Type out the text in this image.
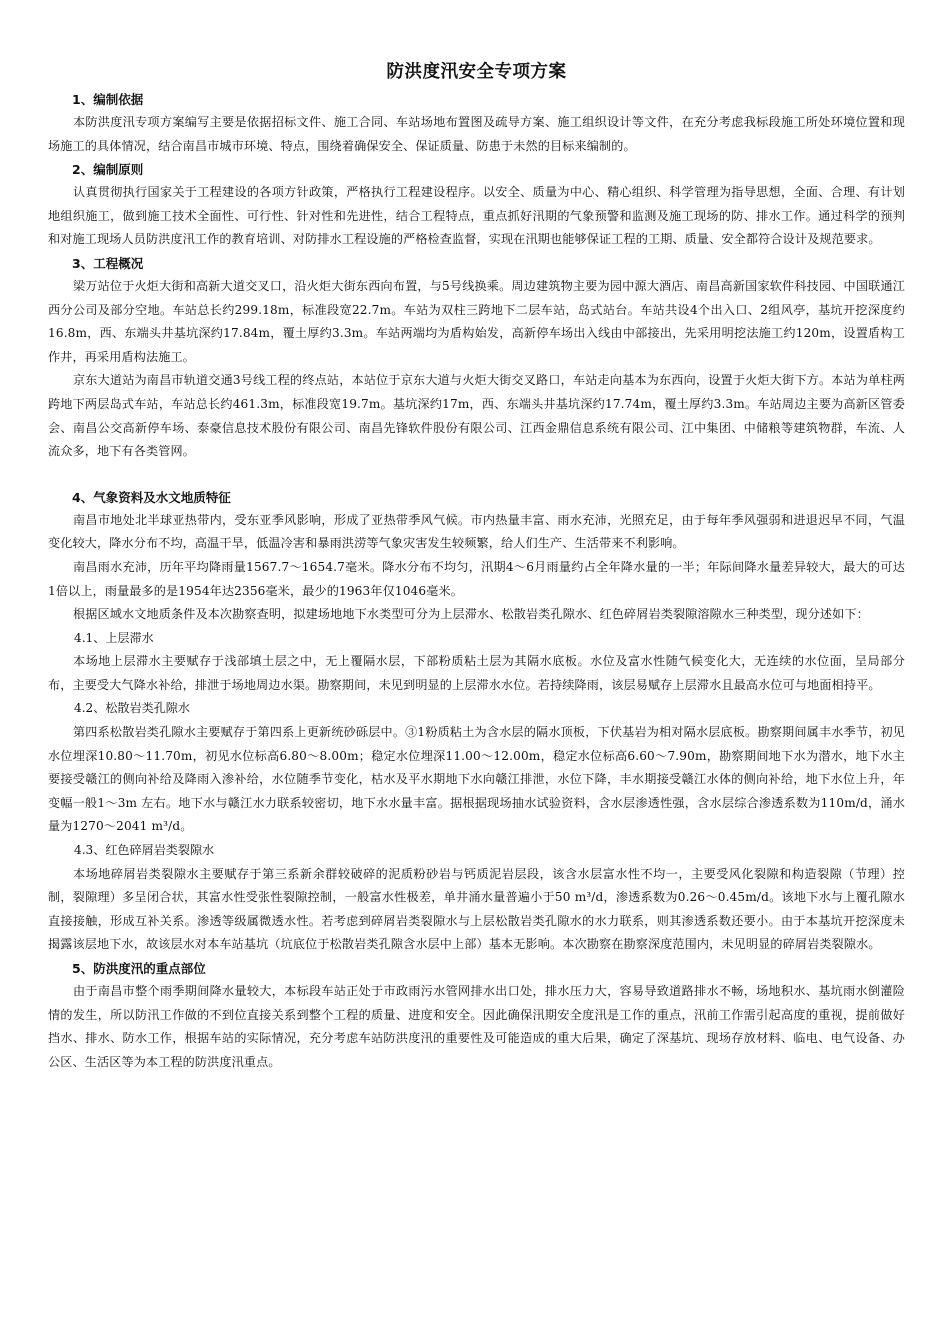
防洪度汛安全专项方案
1、编制依据

本防洪度汛专项方案编写主要是依据招标文件、施工合同、车站场地布置图及疏导方案、施工组织设计等文件，在充分考虑我标段施工所处环境位置和现场施工的具体情况，结合南昌市城市环境、特点，围绕着确保安全、保证质量、防患于未然的目标来编制的。

2、编制原则

认真贯彻执行国家关于工程建设的各项方针政策，严格执行工程建设程序。以安全、质量为中心、精心组织、科学管理为指导思想，全面、合理、有计划地组织施工，做到施工技术全面性、可行性、针对性和先进性，结合工程特点，重点抓好汛期的气象预警和监测及施工现场的防、排水工作。通过科学的预判和对施工现场人员防洪度汛工作的教育培训、对防排水工程设施的严格检查监督，实现在汛期也能够保证工程的工期、质量、安全都符合设计及规范要求。

3、工程概况

梁万站位于火炬大街和高新大道交叉口，沿火炬大街东西向布置，与5号线换乘。周边建筑物主要为园中源大酒店、南昌高新国家软件科技园、中国联通江西分公司及部分空地。车站总长约299.18m，标准段宽22.7m。车站为双柱三跨地下二层车站，岛式站台。车站共设4个出入口、2组风亭，基坑开挖深度约16.8m，西、东端头井基坑深约17.84m，覆土厚约3.3m。车站两端均为盾构始发，高新停车场出入线由中部接出，先采用明挖法施工约120m，设置盾构工作井，再采用盾构法施工。

京东大道站为南昌市轨道交通3号线工程的终点站，本站位于京东大道与火炬大街交叉路口，车站走向基本为东西向，设置于火炬大街下方。本站为单柱两跨地下两层岛式车站，车站总长约461.3m，标准段宽19.7m。基坑深约17m，西、东端头井基坑深约17.74m，覆土厚约3.3m。车站周边主要为高新区管委会、南昌公交高新停车场、泰豪信息技术股份有限公司、南昌先锋软件股份有限公司、江西金鼎信息系统有限公司、江中集团、中储粮等建筑物群，车流、人流众多，地下有各类管网。

4、气象资料及水文地质特征

南昌市地处北半球亚热带内，受东亚季风影响，形成了亚热带季风气候。市内热量丰富、雨水充沛，光照充足，由于每年季风强弱和进退迟早不同，气温变化较大，降水分布不均，高温干旱，低温冷害和暴雨洪涝等气象灾害发生较频繁，给人们生产、生活带来不利影响。

南昌雨水充沛，历年平均降雨量1567.7～1654.7毫米。降水分布不均匀，汛期4～6月雨量约占全年降水量的一半；年际间降水量差异较大，最大的可达1倍以上，雨量最多的是1954年达2356毫米，最少的1963年仅1046毫米。

根据区域水文地质条件及本次勘察查明，拟建场地地下水类型可分为上层滞水、松散岩类孔隙水、红色碎屑岩类裂隙溶隙水三种类型，现分述如下：

4.1、上层滞水

本场地上层滞水主要赋存于浅部填土层之中，无上覆隔水层，下部粉质粘土层为其隔水底板。水位及富水性随气候变化大，无连续的水位面，呈局部分布，主要受大气降水补给，排泄于场地周边水渠。勘察期间，未见到明显的上层滞水水位。若持续降雨，该层易赋存上层滞水且最高水位可与地面相持平。

4.2、松散岩类孔隙水

第四系松散岩类孔隙水主要赋存于第四系上更新统砂砾层中。③1粉质粘土为含水层的隔水顶板，下伏基岩为相对隔水层底板。勘察期间属丰水季节，初见水位埋深10.80～11.70m，初见水位标高6.80～8.00m；稳定水位埋深11.00～12.00m，稳定水位标高6.60～7.90m，勘察期间地下水为潜水，地下水主要接受赣江的侧向补给及降雨入渗补给，水位随季节变化，枯水及平水期地下水向赣江排泄，水位下降，丰水期接受赣江水体的侧向补给，地下水位上升，年变幅一般1～3m 左右。地下水与赣江水力联系较密切，地下水水量丰富。据根据现场抽水试验资料，含水层渗透性强，含水层综合渗透系数为110m/d，涌水量为1270～2041 m³/d。

4.3、红色碎屑岩类裂隙水

本场地碎屑岩类裂隙水主要赋存于第三系新余群较破碎的泥质粉砂岩与钙质泥岩层段，该含水层富水性不均一，主要受风化裂隙和构造裂隙（节理）控制，裂隙理）多呈闭合状，其富水性受张性裂隙控制，一般富水性极差，单井涌水量普遍小于50 m³/d，渗透系数为0.26～0.45m/d。该地下水与上覆孔隙水直接接触，形成互补关系。渗透等级属微透水性。若考虑到碎屑岩类裂隙水与上层松散岩类孔隙水的水力联系，则其渗透系数还要小。由于本基坑开挖深度未揭露该层地下水，故该层水对本车站基坑（坑底位于松散岩类孔隙含水层中上部）基本无影响。本次勘察在勘察深度范围内，未见明显的碎屑岩类裂隙水。

5、防洪度汛的重点部位

由于南昌市整个雨季期间降水量较大，本标段车站正处于市政雨污水管网排水出口处，排水压力大，容易导致道路排水不畅，场地积水、基坑雨水倒灌险情的发生，所以防汛工作做的不到位直接关系到整个工程的质量、进度和安全。因此确保汛期安全度汛是工作的重点，汛前工作需引起高度的重视，提前做好挡水、排水、防水工作，根据车站的实际情况，充分考虑车站防洪度汛的重要性及可能造成的重大后果，确定了深基坑、现场存放材料、临电、电气设备、办公区、生活区等为本工程的防洪度汛重点。
